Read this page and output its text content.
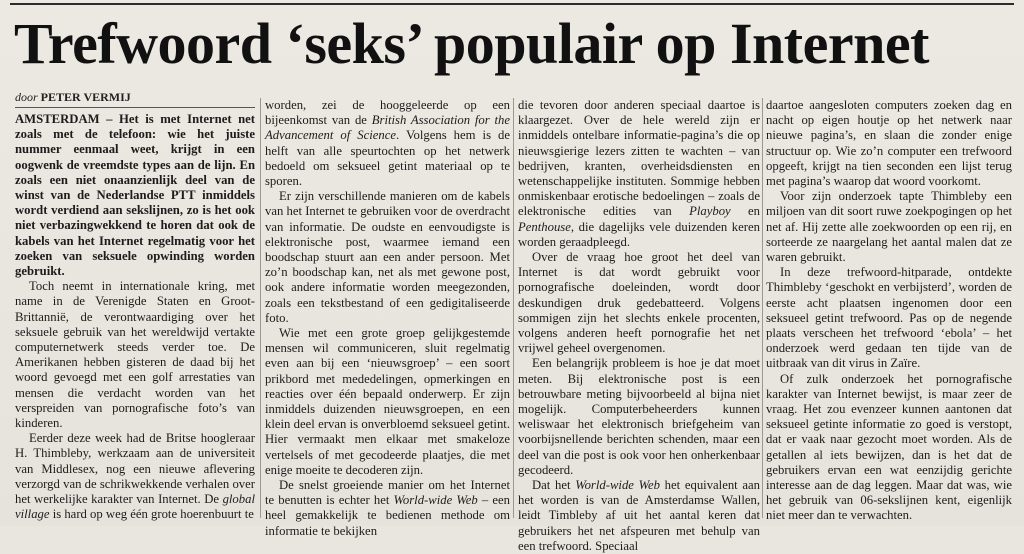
Trefwoord ‘seks’ populair op Internet
door PETER VERMIJ

AMSTERDAM – Het is met Internet net zoals met de telefoon: wie het juiste nummer eenmaal weet, krijgt in een oogwenk de vreemdste types aan de lijn. En zoals een niet onaanzienlijk deel van de winst van de Nederlandse PTT inmiddels wordt verdiend aan sekslijnen, zo is het ook niet verbazingwekkend te horen dat ook de kabels van het Internet regelmatig voor het zoeken van seksuele opwinding worden gebruikt.

Toch neemt in internationale kring, met name in de Verenigde Staten en Groot-Brittannië, de verontwaardiging over het seksuele gebruik van het wereldwijd vertakte computernetwerk steeds verder toe. De Amerikanen hebben gisteren de daad bij het woord gevoegd met een golf arrestaties van mensen die verdacht worden van het verspreiden van pornografische foto’s van kinderen.

Eerder deze week had de Britse hoogleraar H. Thimbleby, werkzaam aan de universiteit van Middlesex, nog een nieuwe aflevering verzorgd van de schrikwekkende verhalen over het werkelijke karakter van Internet. De global village is hard op weg één grote hoerenbuurt te

worden, zei de hooggeleerde op een bijeenkomst van de British Association for the Advancement of Science. Volgens hem is de helft van alle speurtochten op het netwerk bedoeld om seksueel getint materiaal op te sporen.

Er zijn verschillende manieren om de kabels van het Internet te gebruiken voor de overdracht van informatie. De oudste en eenvoudigste is elektronische post, waarmee iemand een boodschap stuurt aan een ander persoon. Met zo’n boodschap kan, net als met gewone post, ook andere informatie worden meegezonden, zoals een tekstbestand of een gedigitaliseerde foto.

Wie met een grote groep gelijkgestemde mensen wil communiceren, sluit regelmatig even aan bij een ‘nieuwsgroep’ – een soort prikbord met mededelingen, opmerkingen en reacties over één bepaald onderwerp. Er zijn inmiddels duizenden nieuwsgroepen, en een klein deel ervan is onverbloemd seksueel getint. Hier vermaakt men elkaar met smakeloze vertelsels of met gecodeerde plaatjes, die met enige moeite te decoderen zijn.

De snelst groeiende manier om het Internet te benutten is echter het World-wide Web – een heel gemakkelijk te bedienen methode om informatie te bekijken

die tevoren door anderen speciaal daartoe is klaargezet. Over de hele wereld zijn er inmiddels ontelbare informatie-pagina’s die op nieuwsgierige lezers zitten te wachten – van bedrijven, kranten, overheidsdiensten en wetenschappelijke instituten. Sommige hebben onmiskenbaar erotische bedoelingen – zoals de elektronische edities van Playboy en Penthouse, die dagelijks vele duizenden keren worden geraadpleegd.

Over de vraag hoe groot het deel van Internet is dat wordt gebruikt voor pornografische doeleinden, wordt door deskundigen druk gedebatteerd. Volgens sommigen zijn het slechts enkele procenten, volgens anderen heeft pornografie het net vrijwel geheel overgenomen.

Een belangrijk probleem is hoe je dat moet meten. Bij elektronische post is een betrouwbare meting bijvoorbeeld al bijna niet mogelijk. Computerbeheerders kunnen weliswaar het elektronisch briefgeheim van voorbijsnellende berichten schenden, maar een deel van die post is ook voor hen onherkenbaar gecodeerd.

Dat het World-wide Web het equivalent aan het worden is van de Amsterdamse Wallen, leidt Timbleby af uit het aantal keren dat gebruikers het net afspeuren met behulp van een trefwoord. Speciaal

daartoe aangesloten computers zoeken dag en nacht op eigen houtje op het netwerk naar nieuwe pagina’s, en slaan die zonder enige structuur op. Wie zo’n computer een trefwoord opgeeft, krijgt na tien seconden een lijst terug met pagina’s waarop dat woord voorkomt.

Voor zijn onderzoek tapte Thimbleby een miljoen van dit soort ruwe zoekpogingen op het net af. Hij zette alle zoekwoorden op een rij, en sorteerde ze naargelang het aantal malen dat ze waren gebruikt.

In deze trefwoord-hitparade, ontdekte Thimbleby ‘geschokt en verbijsterd’, worden de eerste acht plaatsen ingenomen door een seksueel getint trefwoord. Pas op de negende plaats verscheen het trefwoord ‘ebola’ – het onderzoek werd gedaan ten tijde van de uitbraak van dit virus in Zaïre.

Of zulk onderzoek het pornografische karakter van Internet bewijst, is maar zeer de vraag. Het zou evenzeer kunnen aantonen dat seksueel getinte informatie zo goed is verstopt, dat er vaak naar gezocht moet worden. Als de getallen al iets bewijzen, dan is het dat de gebruikers ervan een wat eenzijdig gerichte interesse aan de dag leggen. Maar dat was, wie het gebruik van 06-sekslijnen kent, eigenlijk niet meer dan te verwachten.
